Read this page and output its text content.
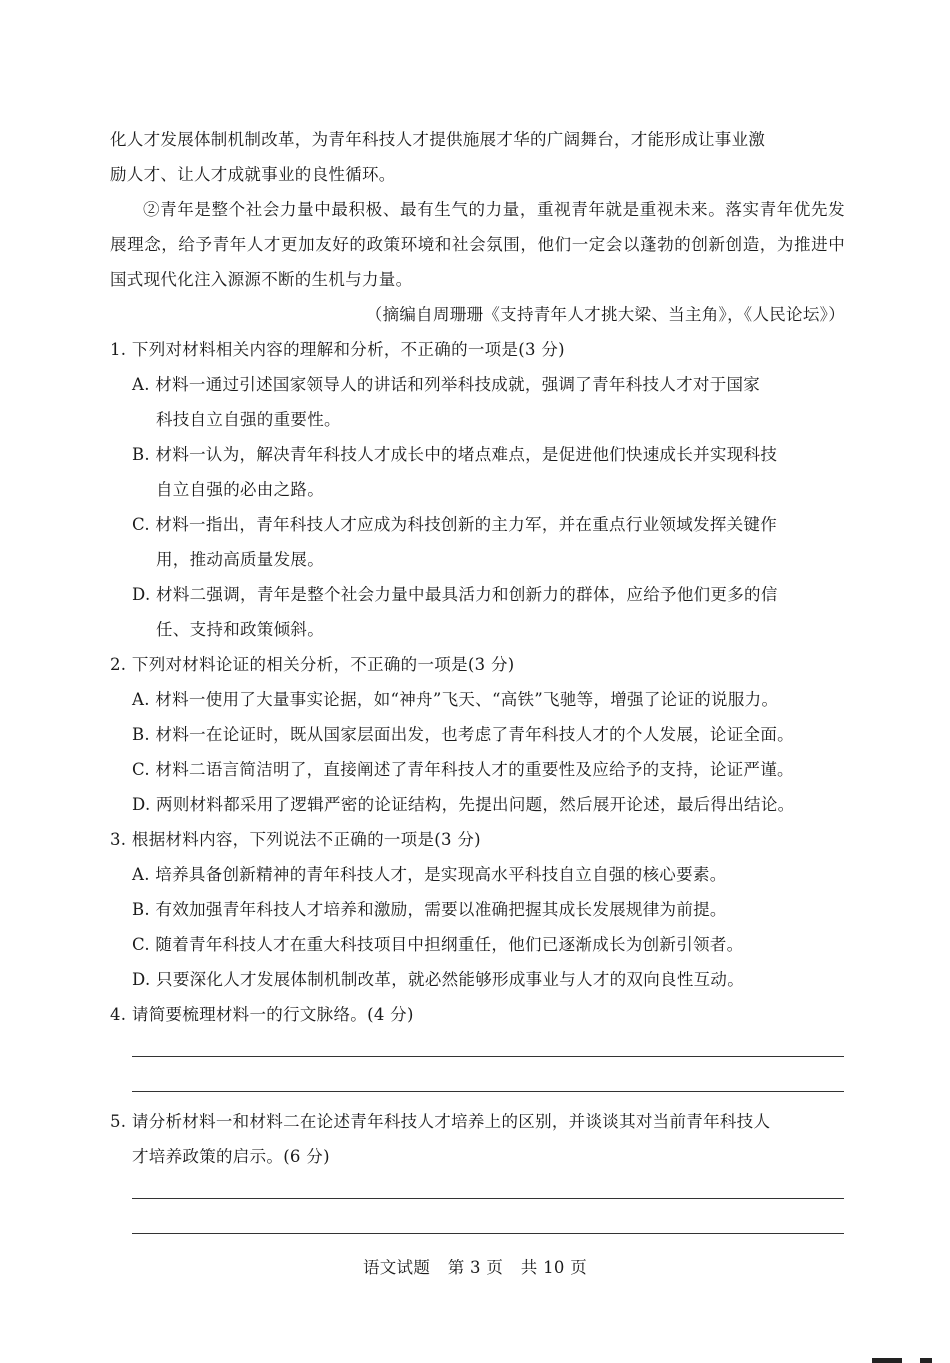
化人才发展体制机制改革，为青年科技人才提供施展才华的广阔舞台，才能形成让事业激

励人才、让人才成就事业的良性循环。

②青年是整个社会力量中最积极、最有生气的力量，重视青年就是重视未来。落实青年优先发展理念，给予青年人才更加友好的政策环境和社会氛围，他们一定会以蓬勃的创新创造，为推进中国式现代化注入源源不断的生机与力量。

（摘编自周珊珊《支持青年人才挑大梁、当主角》，《人民论坛》）

1. 下列对材料相关内容的理解和分析，不正确的一项是(3 分)

A. 材料一通过引述国家领导人的讲话和列举科技成就，强调了青年科技人才对于国家

科技自立自强的重要性。

B. 材料一认为，解决青年科技人才成长中的堵点难点，是促进他们快速成长并实现科技

自立自强的必由之路。

C. 材料一指出，青年科技人才应成为科技创新的主力军，并在重点行业领域发挥关键作

用，推动高质量发展。

D. 材料二强调，青年是整个社会力量中最具活力和创新力的群体，应给予他们更多的信

任、支持和政策倾斜。

2. 下列对材料论证的相关分析，不正确的一项是(3 分)

A. 材料一使用了大量事实论据，如“神舟”飞天、“高铁”飞驰等，增强了论证的说服力。

B. 材料一在论证时，既从国家层面出发，也考虑了青年科技人才的个人发展，论证全面。

C. 材料二语言简洁明了，直接阐述了青年科技人才的重要性及应给予的支持，论证严谨。

D. 两则材料都采用了逻辑严密的论证结构，先提出问题，然后展开论述，最后得出结论。

3. 根据材料内容，下列说法不正确的一项是(3 分)

A. 培养具备创新精神的青年科技人才，是实现高水平科技自立自强的核心要素。

B. 有效加强青年科技人才培养和激励，需要以准确把握其成长发展规律为前提。

C. 随着青年科技人才在重大科技项目中担纲重任，他们已逐渐成长为创新引领者。

D. 只要深化人才发展体制机制改革，就必然能够形成事业与人才的双向良性互动。

4. 请简要梳理材料一的行文脉络。(4 分)

5. 请分析材料一和材料二在论述青年科技人才培养上的区别，并谈谈其对当前青年科技人

才培养政策的启示。(6 分)

语文试题 第 3 页 共 10 页
